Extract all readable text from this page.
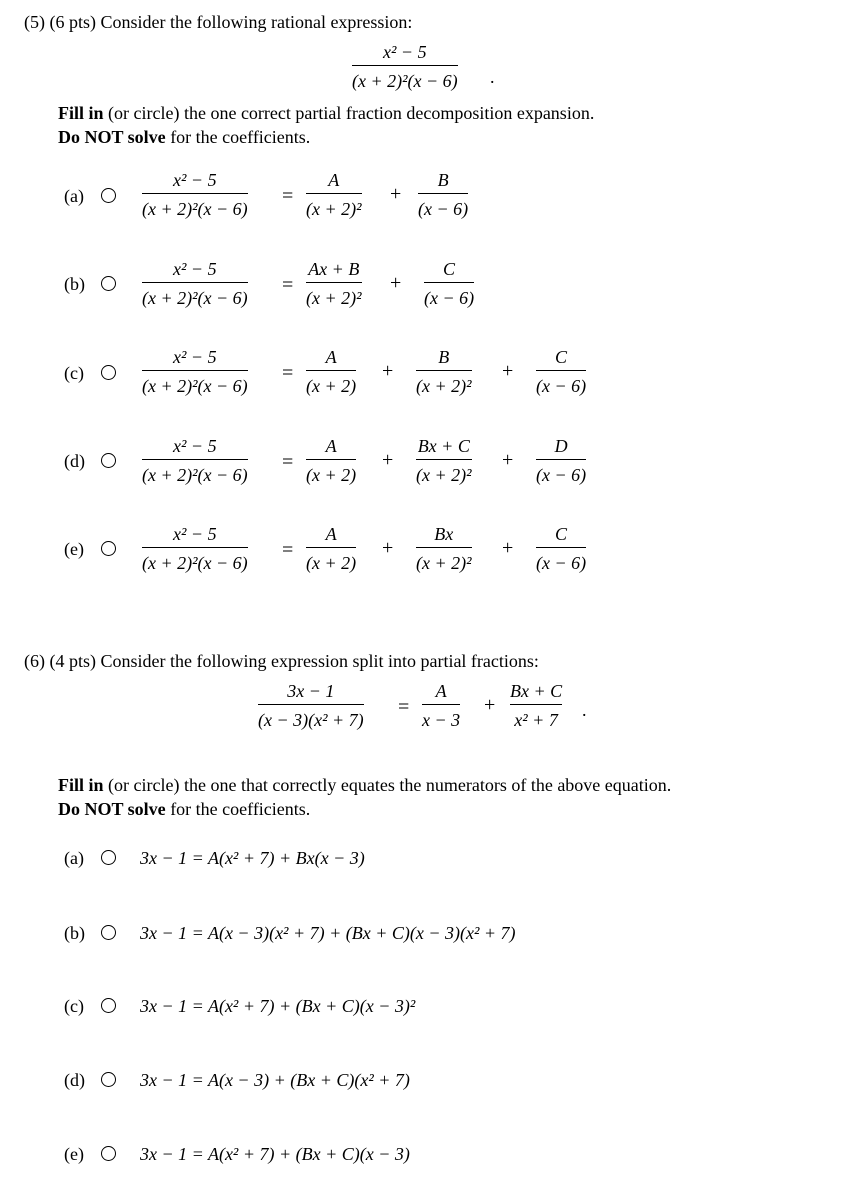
(5) (6 pts) Consider the following rational expression:
x² − 5
(x + 2)²(x − 6) .
Fill in (or circle) the one correct partial fraction decomposition expansion.
Do NOT solve for the coefficients.
(a)
x² − 5
(x + 2)²(x − 6)
=
A
(x + 2)²
+
B
(x − 6)
(b)
x² − 5
(x + 2)²(x − 6)
=
Ax + B
(x + 2)²
+
C
(x − 6)
(c)
x² − 5
(x + 2)²(x − 6)
=
A
(x + 2)
+
B
(x + 2)²
+
C
(x − 6)
(d)
x² − 5
(x + 2)²(x − 6)
=
A
(x + 2)
+
Bx + C
(x + 2)²
+
D
(x − 6)
(e)
x² − 5
(x + 2)²(x − 6)
=
A
(x + 2)
+
Bx
(x + 2)²
+
C
(x − 6)
(6) (4 pts) Consider the following expression split into partial fractions:
3x − 1
(x − 3)(x² + 7)
=
A
x − 3
+
Bx + C
x² + 7 .
Fill in (or circle) the one that correctly equates the numerators of the above equation.
Do NOT solve for the coefficients.
(a)	3x − 1 = A(x² + 7) + Bx(x − 3)
(b)	3x − 1 = A(x − 3)(x² + 7) + (Bx + C)(x − 3)(x² + 7)
(c)	3x − 1 = A(x² + 7) + (Bx + C)(x − 3)²
(d)	3x − 1 = A(x − 3) + (Bx + C)(x² + 7)
(e)	3x − 1 = A(x² + 7) + (Bx + C)(x − 3)
